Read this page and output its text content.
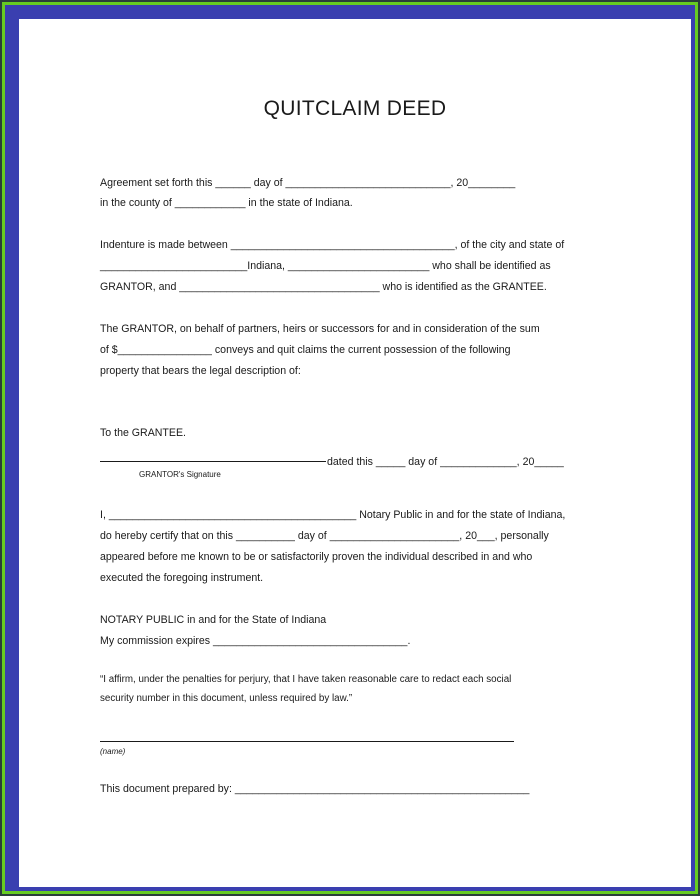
QUITCLAIM DEED
Agreement set forth this ______ day of ____________________________, 20________
in the county of ____________ in the state of Indiana.
Indenture is made between ______________________________________, of the city and state of
_________________________Indiana, ________________________ who shall be identified as
GRANTOR, and __________________________________ who is identified as the GRANTEE.
The GRANTOR, on behalf of partners, heirs or successors for and in consideration of the sum
of $________________ conveys and quit claims the current possession of the following
property that bears the legal description of:
To the GRANTEE.
dated this _____ day of _____________, 20_____
GRANTOR's Signature
I, __________________________________________ Notary Public in and for the state of Indiana,
do hereby certify that on this __________ day of ______________________, 20___, personally
appeared before me known to be or satisfactorily proven the individual described in and who
executed the foregoing instrument.
NOTARY PUBLIC in and for the State of Indiana
My commission expires _________________________________.
“I affirm, under the penalties for perjury, that I have taken reasonable care to redact each social
security number in this document, unless required by law.”
(name)
This document prepared by: __________________________________________________
